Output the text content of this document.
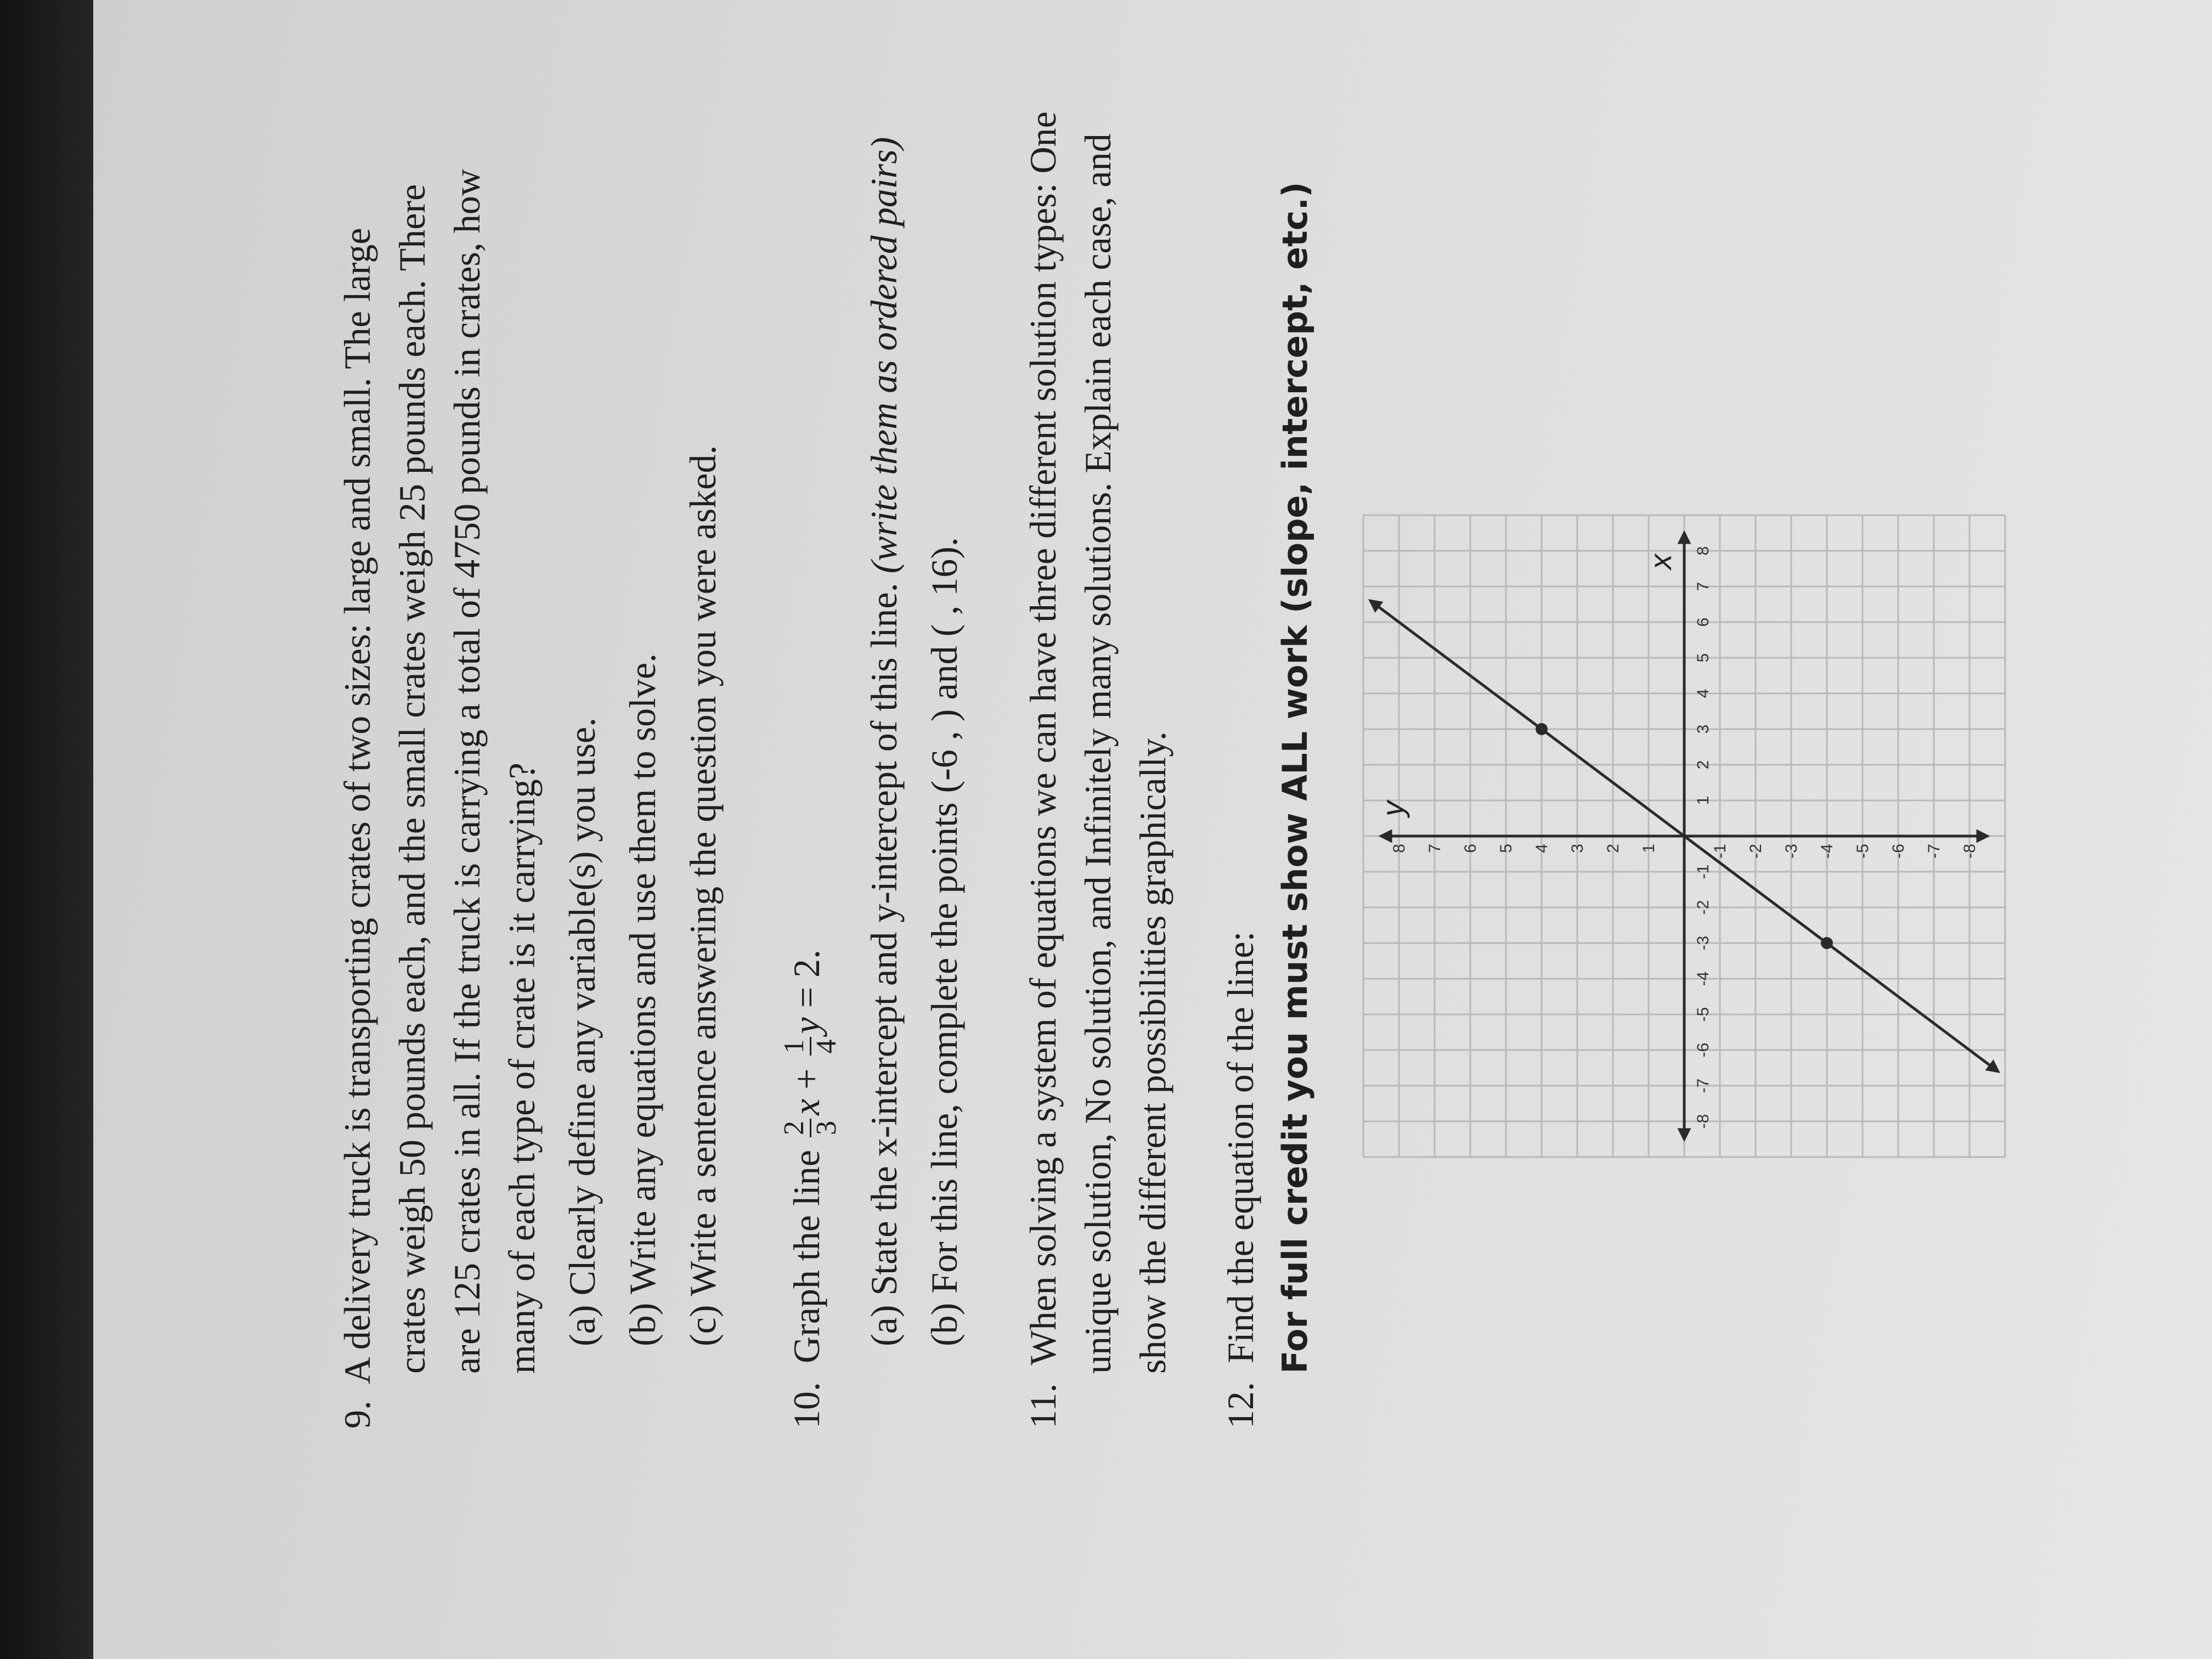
9.  A delivery truck is transporting crates of two sizes: large and small. The large crates weigh 50 pounds each, and the small crates weigh 25 pounds each. There are 125 crates in all. If the truck is carrying a total of 4750 pounds in crates, how many of each type of crate is it carrying? (a) Clearly define any variable(s) you use. (b) Write any equations and use them to solve. (c) Write a sentence answering the question you were asked.
10.  Graph the line
2 3
x +
1 4
y = 2. (a) State the x-intercept and y-intercept of this line. (write them as ordered pairs)
(b) For this line, complete the points (-6 , ) and ( , 16).
11.  When solving a system of equations we can have three different solution types: One unique solution, No solution, and Infinitely many solutions. Explain each case, and show the different possibilities graphically.
12.  Find the equation of the line: For full credit you must show ALL work (slope, intercept, etc.)	-8
-7
-6
-5
-4
-3
-2
-1
1
2
3
4
5
6
7
8
-8
-7
-6
-5
-4
-3
-2
-1
1
2
3
4
5
6
7
8
x
y
